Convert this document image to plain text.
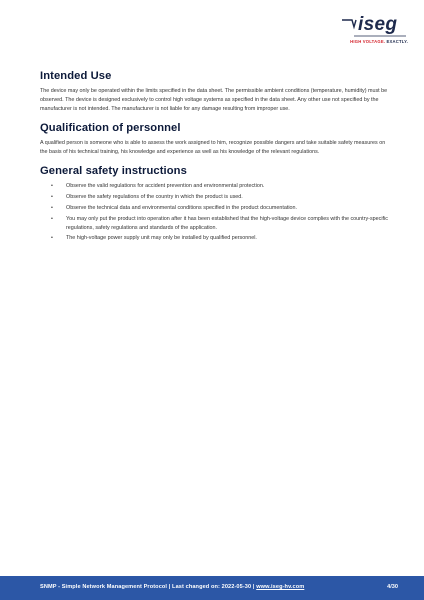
iseg
HIGH VOLTAGE. EXACTLY.
Intended Use

The device may only be operated within the limits specified in the data sheet. The permissible ambient conditions (temperature, humidity) must be observed. The device is designed exclusively to control high voltage systems as specified in the data sheet. Any other use not specified by the manufacturer is not intended. The manufacturer is not liable for any damage resulting from improper use.

Qualification of personnel

A qualified person is someone who is able to assess the work assigned to him, recognize possible dangers and take suitable safety measures on the basis of his technical training, his knowledge and experience as well as his knowledge of the relevant regulations.

General safety instructions
• Observe the valid regulations for accident prevention and environmental protection.
• Observe the safety regulations of the country in which the product is used.
• Observe the technical data and environmental conditions specified in the product documentation.
• You may only put the product into operation after it has been established that the high-voltage device complies with the country-specific regulations, safety regulations and standards of the application.
• The high-voltage power supply unit may only be installed by qualified personnel.
SNMP - Simple Network Management Protocol | Last changed on: 2022-05-30 | www.iseg-hv.com	4/30
